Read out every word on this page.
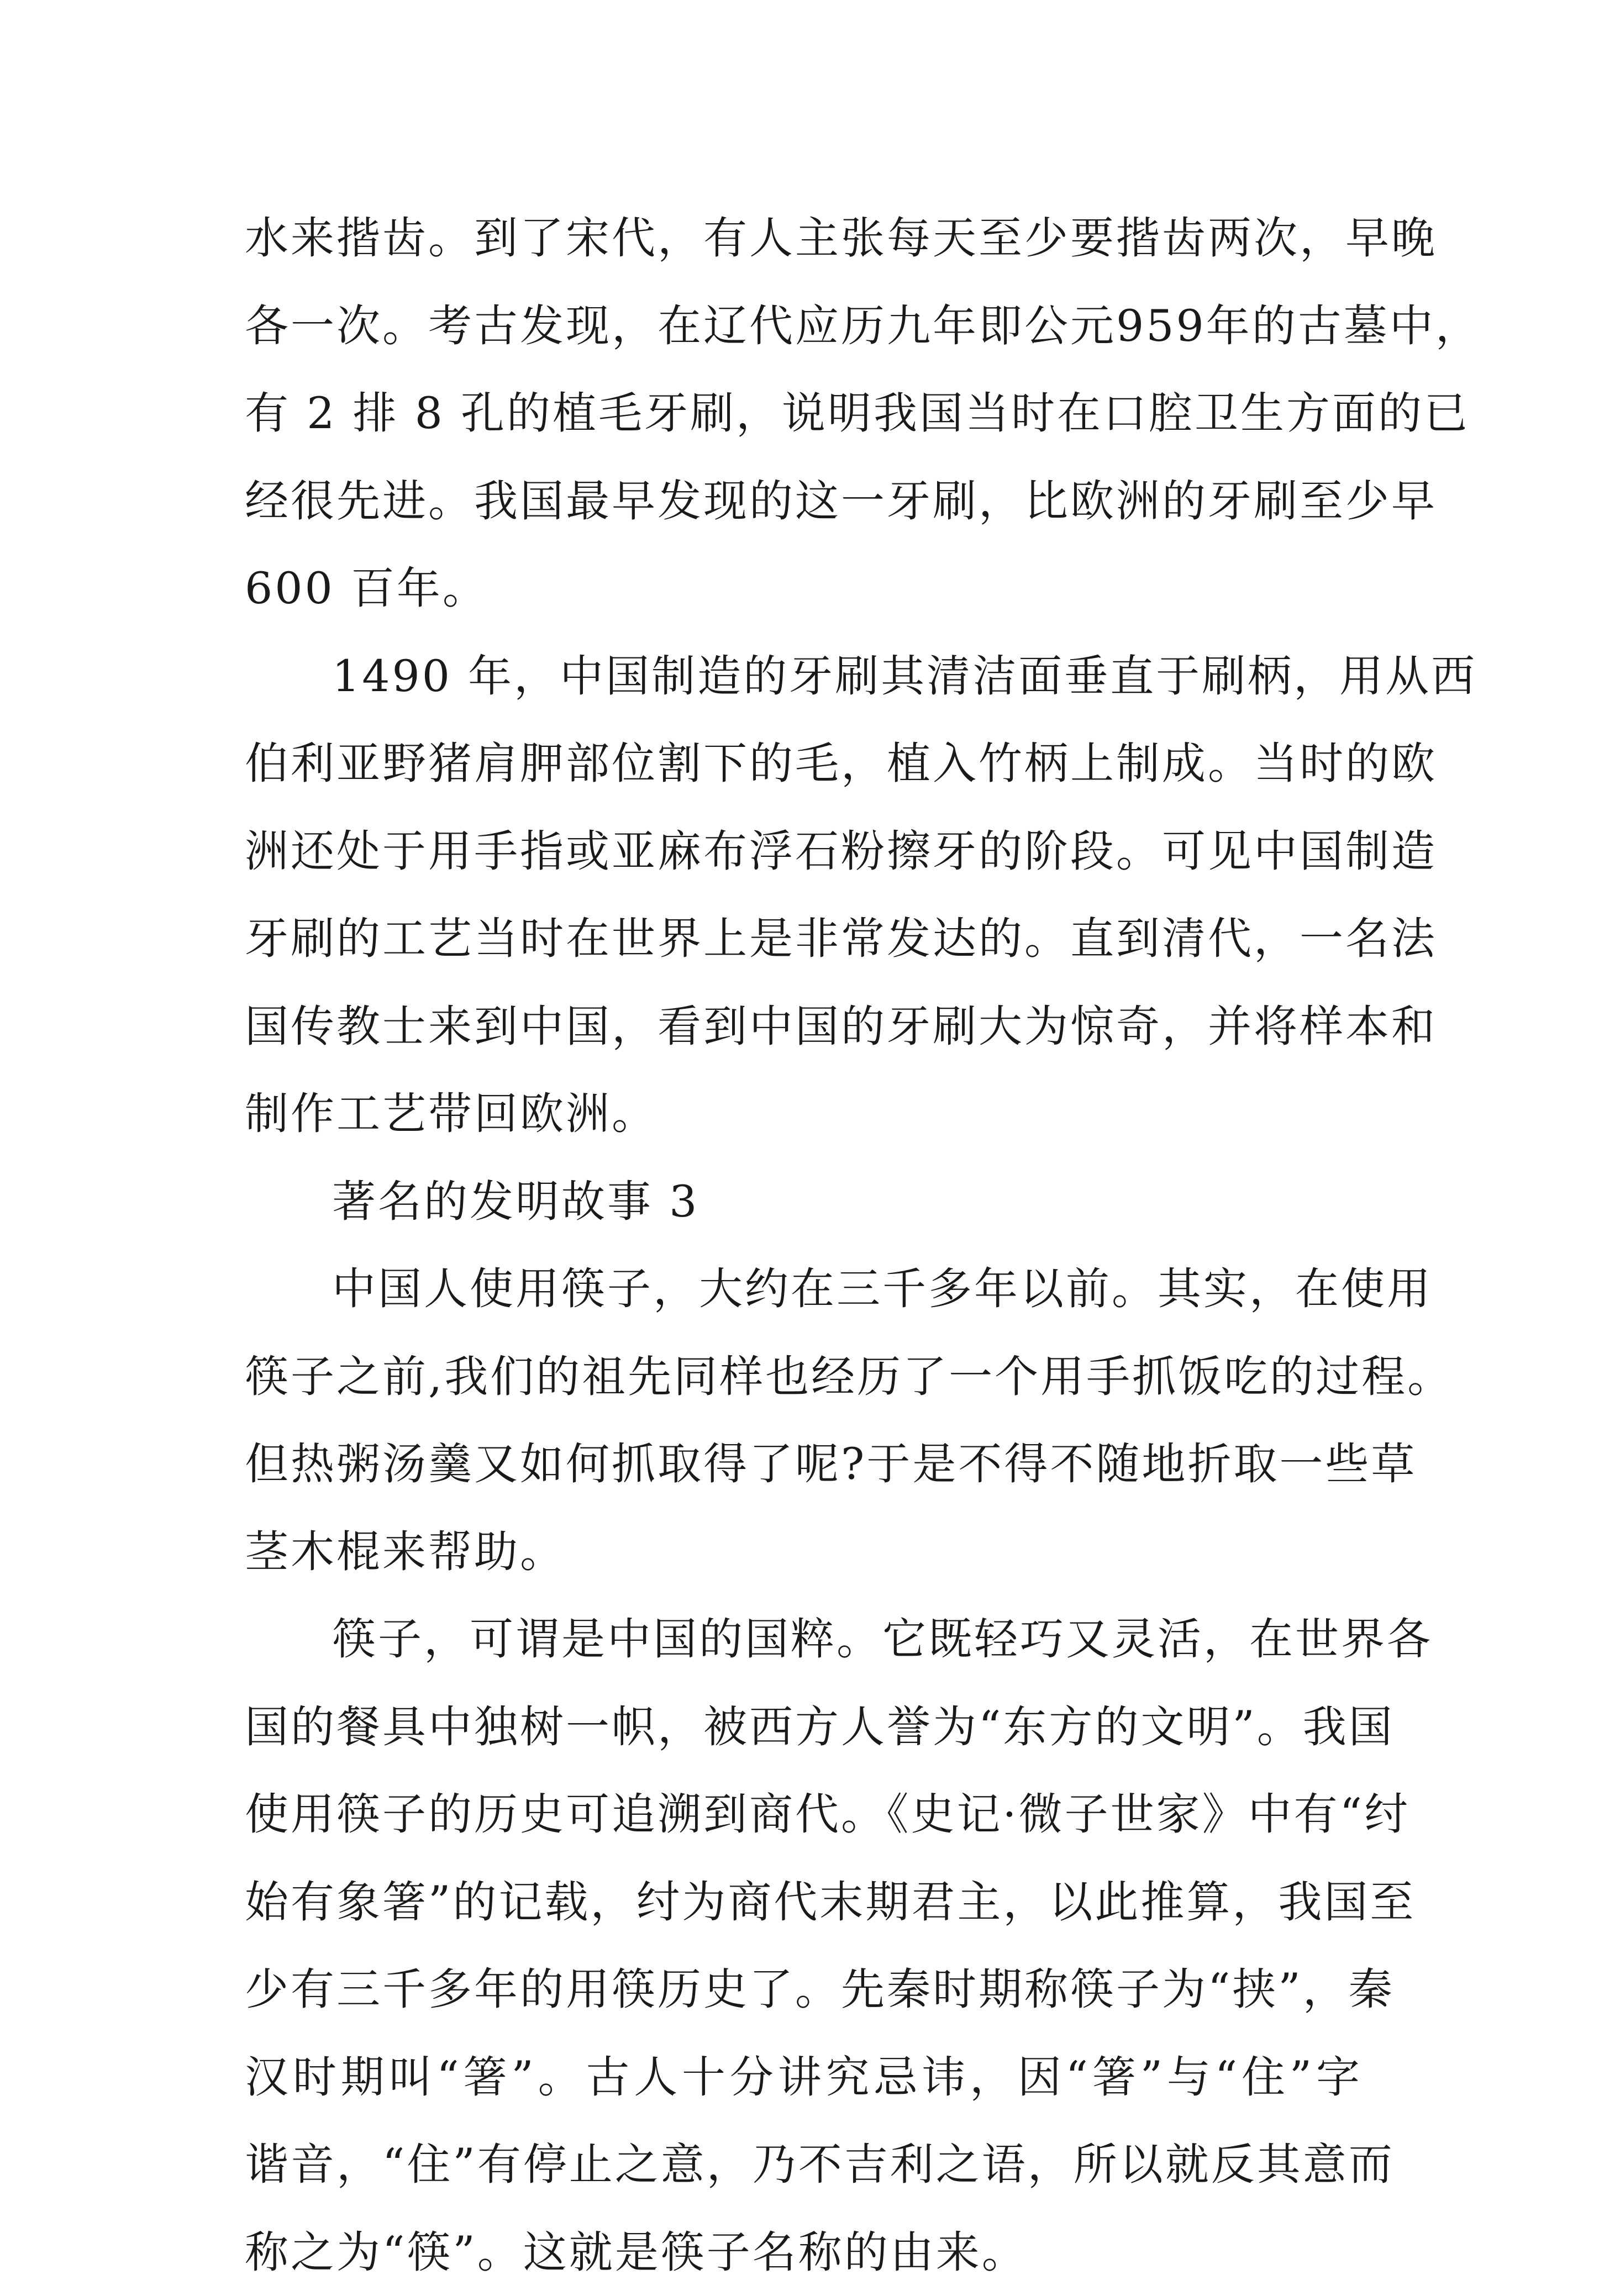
水来揩齿。到了宋代，有人主张每天至少要揩齿两次，早晚
各一次。考古发现，在辽代应历九年即公元959年的古墓中，
有 2 排 8 孔的植毛牙刷，说明我国当时在口腔卫生方面的已
经很先进。我国最早发现的这一牙刷，比欧洲的牙刷至少早
600 百年。
1490 年，中国制造的牙刷其清洁面垂直于刷柄，用从西
伯利亚野猪肩胛部位割下的毛，植入竹柄上制成。当时的欧
洲还处于用手指或亚麻布浮石粉擦牙的阶段。可见中国制造
牙刷的工艺当时在世界上是非常发达的。直到清代，一名法
国传教士来到中国，看到中国的牙刷大为惊奇，并将样本和
制作工艺带回欧洲。
著名的发明故事 3
中国人使用筷子，大约在三千多年以前。其实，在使用
筷子之前,我们的祖先同样也经历了一个用手抓饭吃的过程。
但热粥汤羹又如何抓取得了呢?于是不得不随地折取一些草
茎木棍来帮助。
筷子，可谓是中国的国粹。它既轻巧又灵活，在世界各
国的餐具中独树一帜，被西方人誉为“东方的文明”。我国
使用筷子的历史可追溯到商代。《史记·微子世家》中有“纣
始有象箸”的记载，纣为商代末期君主，以此推算，我国至
少有三千多年的用筷历史了。先秦时期称筷子为“挟”，秦
汉时期叫“箸”。古人十分讲究忌讳，因“箸”与“住”字
谐音，“住”有停止之意，乃不吉利之语，所以就反其意而
称之为“筷”。这就是筷子名称的由来。
